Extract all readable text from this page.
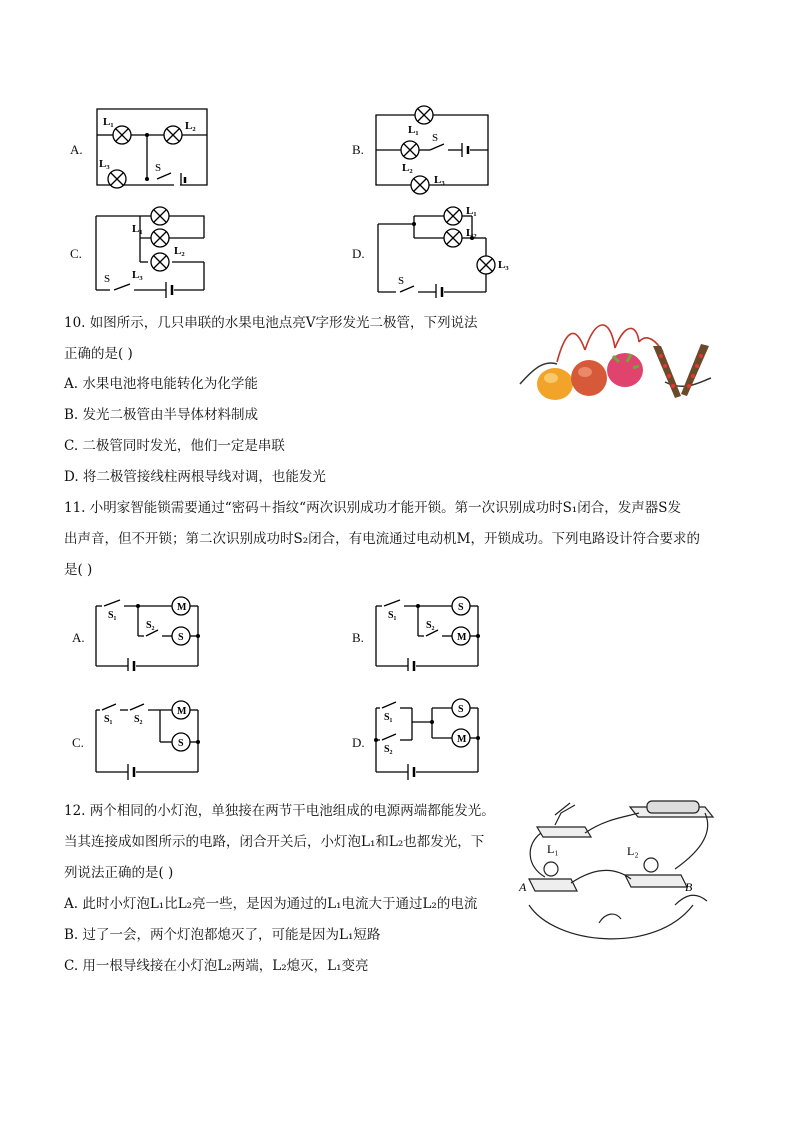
A.
L₁	L₂
L₃	S
B.
L₁
L₂
L₃
S
C.
L₁
L₂
L₃
S
D.
L₁
L₂
L₃
S
10. 如图所示，几只串联的水果电池点亮V字形发光二极管，下列说法
正确的是( )
A. 水果电池将电能转化为化学能
B. 发光二极管由半导体材料制成
C. 二极管同时发光，他们一定是串联
D. 将二极管接线柱两根导线对调，也能发光
11. 小明家智能锁需要通过“密码＋指纹“两次识别成功才能开锁。第一次识别成功时S₁闭合，发声器S发
出声音，但不开锁；第二次识别成功时S₂闭合，有电流通过电动机M，开锁成功。下列电路设计符合要求的
是( )
A.
M
S
S₁
S₂
B.
S
M
S₁
S₂
C.
M
S
S₁ S₂
D.
S
M
S₁
S₂
12. 两个相同的小灯泡，单独接在两节干电池组成的电源两端都能发光。
当其连接成如图所示的电路，闭合开关后，小灯泡L₁和L₂也都发光，下
列说法正确的是( )
A. 此时小灯泡L₁比L₂亮一些，是因为通过的L₁电流大于通过L₂的电流
B. 过了一会，两个灯泡都熄灭了，可能是因为L₁短路
C. 用一根导线接在小灯泡L₂两端，L₂熄灭，L₁变亮
L₁	L₂
A	B
